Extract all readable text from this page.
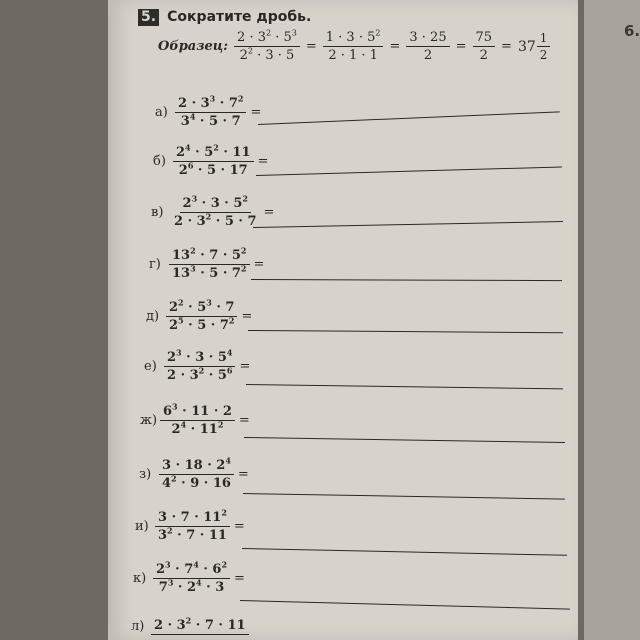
6.
5. Сократите дробь.
Образец: $\frac{2 \cdot 3^2 \cdot 5^3}{2^2 \cdot 3 \cdot 5} = \frac{1 \cdot 3 \cdot 5^2}{2 \cdot 1 \cdot 1} = \frac{3 \cdot 25}{2} = \frac{75}{2} = 37 \frac{1}{2}$
$а) \frac{2 \cdot 3^3 \cdot 7^2}{3^4 \cdot 5 \cdot 7}$ =
$б) \frac{2^4 \cdot 5^2 \cdot 11}{2^6 \cdot 5 \cdot 17}$ =
$в) \frac{2^3 \cdot 3 \cdot 5^2}{2 \cdot 3^2 \cdot 5 \cdot 7}$ =
$г) \frac{13^2 \cdot 7 \cdot 5^2}{13^3 \cdot 5 \cdot 7^2}$ =
$д) \frac{2^2 \cdot 5^3 \cdot 7}{2^5 \cdot 5 \cdot 7^2}$ =
$е) \frac{2^3 \cdot 3 \cdot 5^4}{2 \cdot 3^2 \cdot 5^6}$ =
$ж) \frac{6^3 \cdot 11 \cdot 2}{2^4 \cdot 11^2}$ =
$з) \frac{3 \cdot 18 \cdot 2^4}{4^2 \cdot 9 \cdot 16}$ =
$и) \frac{3 \cdot 7 \cdot 11^2}{3^2 \cdot 7 \cdot 11}$ =
$к) \frac{2^3 \cdot 7^4 \cdot 6^2}{7^3 \cdot 2^4 \cdot 3}$ =
л) $2 \cdot 3^2 \cdot 7 \cdot 11$
